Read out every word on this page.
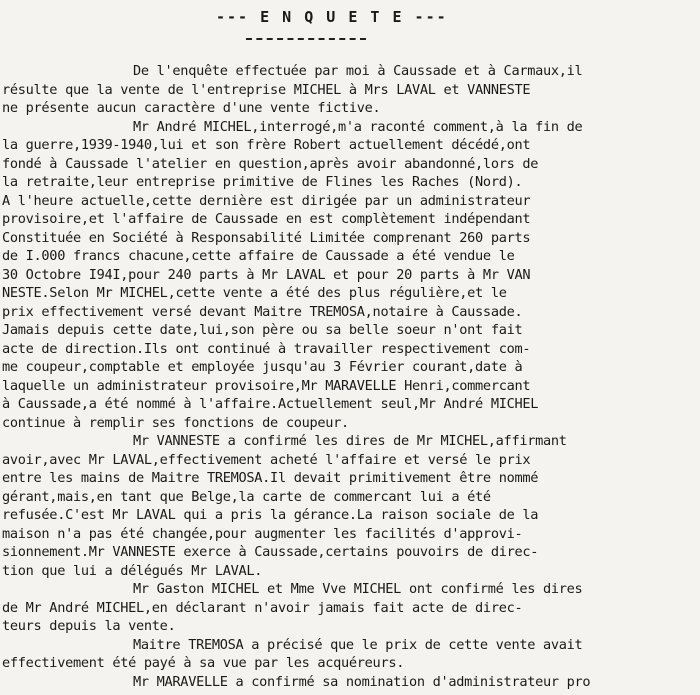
--- E N Q U E T E ---
De l'enquête effectuée par moi à Caussade et à Carmaux,il
résulte que la vente de l'entreprise MICHEL à Mrs LAVAL et VANNESTE
ne présente aucun caractère d'une vente fictive.
Mr André MICHEL,interrogé,m'a raconté comment,à la fin de
la guerre,1939-1940,lui et son frère Robert actuellement décédé,ont
fondé à Caussade l'atelier en question,après avoir abandonné,lors de
la retraite,leur entreprise primitive de Flines les Raches (Nord).
A l'heure actuelle,cette dernière est dirigée par un administrateur
provisoire,et l'affaire de Caussade en est complètement indépendant
Constituée en Société à Responsabilité Limitée comprenant 260 parts
de I.000 francs chacune,cette affaire de Caussade a été vendue le
30 Octobre I94I,pour 240 parts à Mr LAVAL et pour 20 parts à Mr VAN
NESTE.Selon Mr MICHEL,cette vente a été des plus régulière,et le
prix effectivement versé devant Maitre TREMOSA,notaire à Caussade.
Jamais depuis cette date,lui,son père ou sa belle soeur n'ont fait
acte de direction.Ils ont continué à travailler respectivement com-
me coupeur,comptable et employée jusqu'au 3 Février courant,date à
laquelle un administrateur provisoire,Mr MARAVELLE Henri,commercant
à Caussade,a été nommé à l'affaire.Actuellement seul,Mr André MICHEL
continue à remplir ses fonctions de coupeur.
Mr VANNESTE a confirmé les dires de Mr MICHEL,affirmant
avoir,avec Mr LAVAL,effectivement acheté l'affaire et versé le prix
entre les mains de Maitre TREMOSA.Il devait primitivement être nommé
gérant,mais,en tant que Belge,la carte de commercant lui a été
refusée.C'est Mr LAVAL qui a pris la gérance.La raison sociale de la
maison n'a pas été changée,pour augmenter les facilités d'approvi-
sionnement.Mr VANNESTE exerce à Caussade,certains pouvoirs de direc-
tion que lui a délégués Mr LAVAL.
Mr Gaston MICHEL et Mme Vve MICHEL ont confirmé les dires
de Mr André MICHEL,en déclarant n'avoir jamais fait acte de direc-
teurs depuis la vente.
Maitre TREMOSA a précisé que le prix de cette vente avait
effectivement été payé à sa vue par les acquéreurs.
Mr MARAVELLE a confirmé sa nomination d'administrateur pro
